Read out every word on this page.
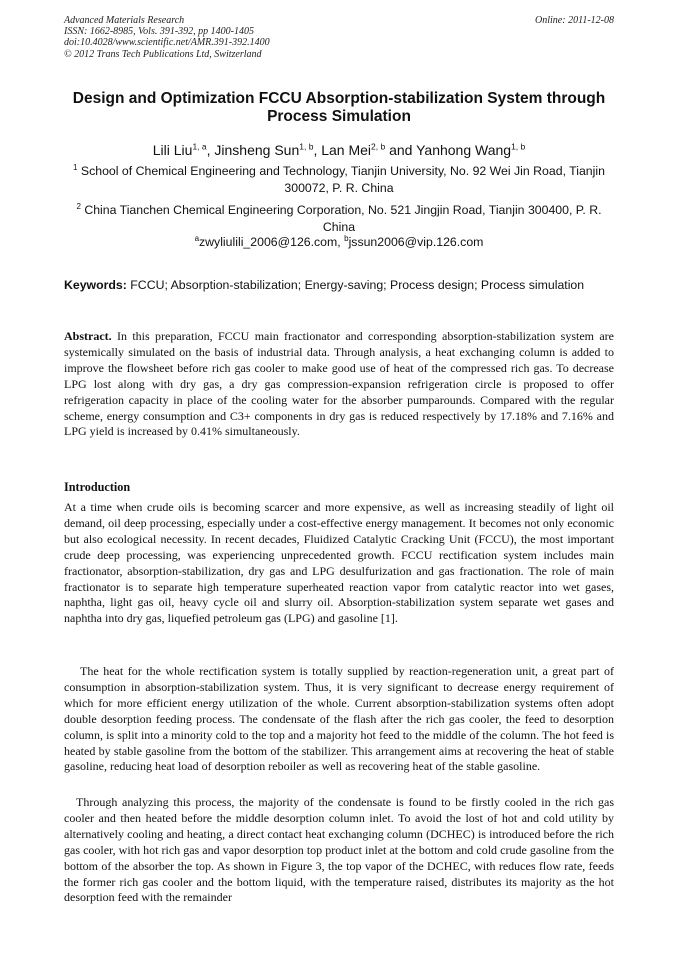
Advanced Materials Research
ISSN: 1662-8985, Vols. 391-392, pp 1400-1405
doi:10.4028/www.scientific.net/AMR.391-392.1400
© 2012 Trans Tech Publications Ltd, Switzerland
Online: 2011-12-08
Design and Optimization FCCU Absorption-stabilization System through Process Simulation
Lili Liu$^{1, a}$, Jinsheng Sun$^{1, b}$, Lan Mei$^{2, b}$ and Yanhong Wang$^{1, b}$
$^1$ School of Chemical Engineering and Technology, Tianjin University, No. 92 Wei Jin Road, Tianjin 300072, P. R. China
$^2$ China Tianchen Chemical Engineering Corporation, No. 521 Jingjin Road, Tianjin 300400, P. R. China
$^a$zwyliulili_2006@126.com, $^b$jssun2006@vip.126.com
Keywords: FCCU; Absorption-stabilization; Energy-saving; Process design; Process simulation
Abstract. In this preparation, FCCU main fractionator and corresponding absorption-stabilization system are systemically simulated on the basis of industrial data. Through analysis, a heat exchanging column is added to improve the flowsheet before rich gas cooler to make good use of heat of the compressed rich gas. To decrease LPG lost along with dry gas, a dry gas compression-expansion refrigeration circle is proposed to offer refrigeration capacity in place of the cooling water for the absorber pumparounds. Compared with the regular scheme, energy consumption and C3+ components in dry gas is reduced respectively by 17.18% and 7.16% and LPG yield is increased by 0.41% simultaneously.
Introduction

At a time when crude oils is becoming scarcer and more expensive, as well as increasing steadily of light oil demand, oil deep processing, especially under a cost-effective energy management. It becomes not only economic but also ecological necessity. In recent decades, Fluidized Catalytic Cracking Unit (FCCU), the most important crude deep processing, was experiencing unprecedented growth. FCCU rectification system includes main fractionator, absorption-stabilization, dry gas and LPG desulfurization and gas fractionation. The role of main fractionator is to separate high temperature superheated reaction vapor from catalytic reactor into wet gases, naphtha, light gas oil, heavy cycle oil and slurry oil. Absorption-stabilization system separate wet gases and naphtha into dry gas, liquefied petroleum gas (LPG) and gasoline [1].

The heat for the whole rectification system is totally supplied by reaction-regeneration unit, a great part of consumption in absorption-stabilization system. Thus, it is very significant to decrease energy requirement of which for more efficient energy utilization of the whole. Current absorption-stabilization systems often adopt double desorption feeding process. The condensate of the flash after the rich gas cooler, the feed to desorption column, is split into a minority cold to the top and a majority hot feed to the middle of the column. The hot feed is heated by stable gasoline from the bottom of the stabilizer. This arrangement aims at recovering the heat of stable gasoline, reducing heat load of desorption reboiler as well as recovering heat of the stable gasoline.

Through analyzing this process, the majority of the condensate is found to be firstly cooled in the rich gas cooler and then heated before the middle desorption column inlet. To avoid the lost of hot and cold utility by alternatively cooling and heating, a direct contact heat exchanging column (DCHEC) is introduced before the rich gas cooler, with hot rich gas and vapor desorption top product inlet at the bottom and cold crude gasoline from the bottom of the absorber the top. As shown in Figure 3, the top vapor of the DCHEC, with reduces flow rate, feeds the former rich gas cooler and the bottom liquid, with the temperature raised, distributes its majority as the hot desorption feed with the remainder
